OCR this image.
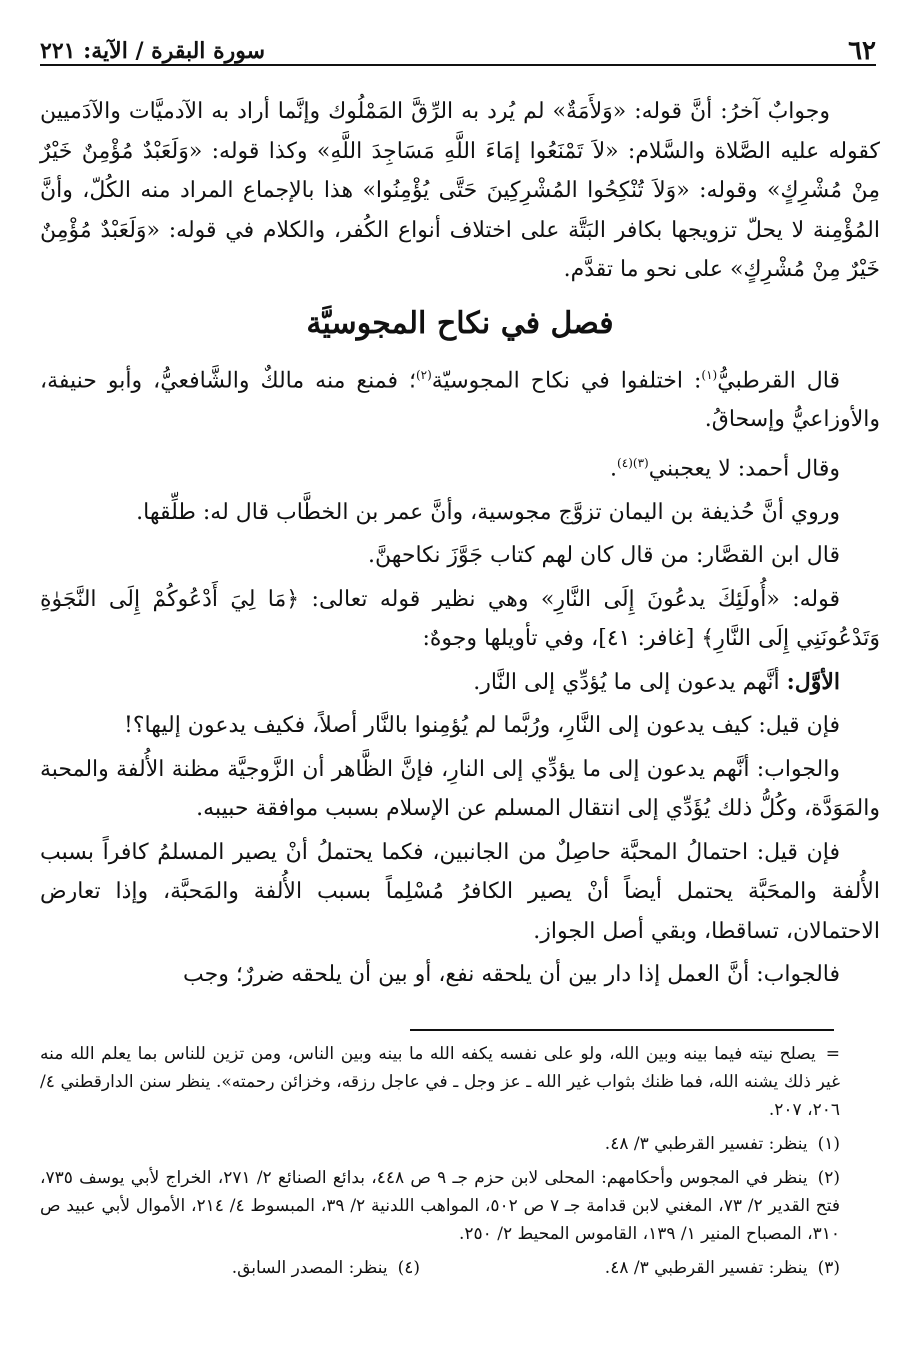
٦٢
سورة البقرة / الآية: ٢٢١

وجوابٌ آخرُ: أنَّ قوله: «وَلأَمَةٌ» لم يُرد به الرِّقَّ المَمْلُوك وإنَّما أراد به الآدميَّات والآدَميين كقوله عليه الصَّلاة والسَّلام: «لاَ تَمْنَعُوا إمَاءَ اللَّهِ مَسَاجِدَ اللَّهِ» وكذا قوله: «وَلَعَبْدٌ مُؤْمِنٌ خَيْرٌ مِنْ مُشْرِكٍ» وقوله: «وَلاَ تُنْكِحُوا المُشْرِكِينَ حَتَّى يُؤْمِنُوا» هذا بالإجماع المراد منه الكُلّ، وأنَّ المُؤْمِنة لا يحلّ تزويجها بكافر البَتَّة على اختلاف أنواع الكُفر، والكلام في قوله: «وَلَعَبْدٌ مُؤْمِنٌ خَيْرٌ مِنْ مُشْرِكٍ» على نحو ما تقدَّم.

فصل في نكاح المجوسيَّة

قال القرطبيُّ$^{(١)}$: اختلفوا في نكاح المجوسيّة$^{(٢)}$؛ فمنع منه مالكٌ والشَّافعيُّ، وأبو حنيفة، والأوزاعيُّ وإسحاقُ.

وقال أحمد: لا يعجبني$^{(٣)(٤)}$.

وروي أنَّ حُذيفة بن اليمان تزوَّج مجوسية، وأنَّ عمر بن الخطَّاب قال له: طلِّقها.

قال ابن القصَّار: من قال كان لهم كتاب جَوَّزَ نكاحهنَّ.

قوله: «أُولَئِكَ يدعُونَ إِلَى النَّارِ» وهي نظير قوله تعالى: ﴿مَا لِيَ أَدْعُوكُمْ إِلَى النَّجَوٰةِ وَتَدْعُونَنِي إِلَى النَّارِ﴾ [غافر: ٤١]، وفي تأويلها وجوهٌ:

الأوَّل: أنَّهم يدعون إلى ما يُؤدِّي إلى النَّار.

فإن قيل: كيف يدعون إلى النَّارِ، ورُبَّما لم يُؤمِنوا بالنَّار أصلاً، فكيف يدعون إليها؟!

والجواب: أنَّهم يدعون إلى ما يؤدِّي إلى النارِ، فإنَّ الظَّاهر أن الزَّوجيَّة مظنة الأُلفة والمحبة والمَوَدَّة، وكُلُّ ذلك يُؤَدِّي إلى انتقال المسلم عن الإسلام بسبب موافقة حبيبه.

فإن قيل: احتمالُ المحبَّة حاصِلٌ من الجانبين، فكما يحتملُ أنْ يصير المسلمُ كافراً بسبب الأُلفة والمحَبَّة يحتمل أيضاً أنْ يصير الكافرُ مُسْلِماً بسبب الأُلفة والمَحبَّة، وإذا تعارض الاحتمالان، تساقطا، وبقي أصل الجواز.

فالجواب: أنَّ العمل إذا دار بين أن يلحقه نفع، أو بين أن يلحقه ضررٌ؛ وجب

=يصلح نيته فيما بينه وبين الله، ولو على نفسه يكفه الله ما بينه وبين الناس، ومن تزين للناس بما يعلم الله منه غير ذلك يشنه الله، فما ظنك بثواب غير الله ـ عز وجل ـ في عاجل رزقه، وخزائن رحمته». ينظر سنن الدارقطني ٤/ ٢٠٦، ٢٠٧.

(١)ينظر: تفسير القرطبي ٣/ ٤٨.

(٢)ينظر في المجوس وأحكامهم: المحلى لابن حزم جـ ٩ ص ٤٤٨، بدائع الصنائع ٢/ ٢٧١، الخراج لأبي يوسف ٧٣٥، فتح القدير ٢/ ٧٣، المغني لابن قدامة جـ ٧ ص ٥٠٢، المواهب اللدنية ٢/ ٣٩، المبسوط ٤/ ٢١٤، الأموال لأبي عبيد ص ٣١٠، المصباح المنير ١/ ١٣٩، القاموس المحيط ٢/ ٢٥٠.

(٣)ينظر: تفسير القرطبي ٣/ ٤٨.
(٤)ينظر: المصدر السابق.
